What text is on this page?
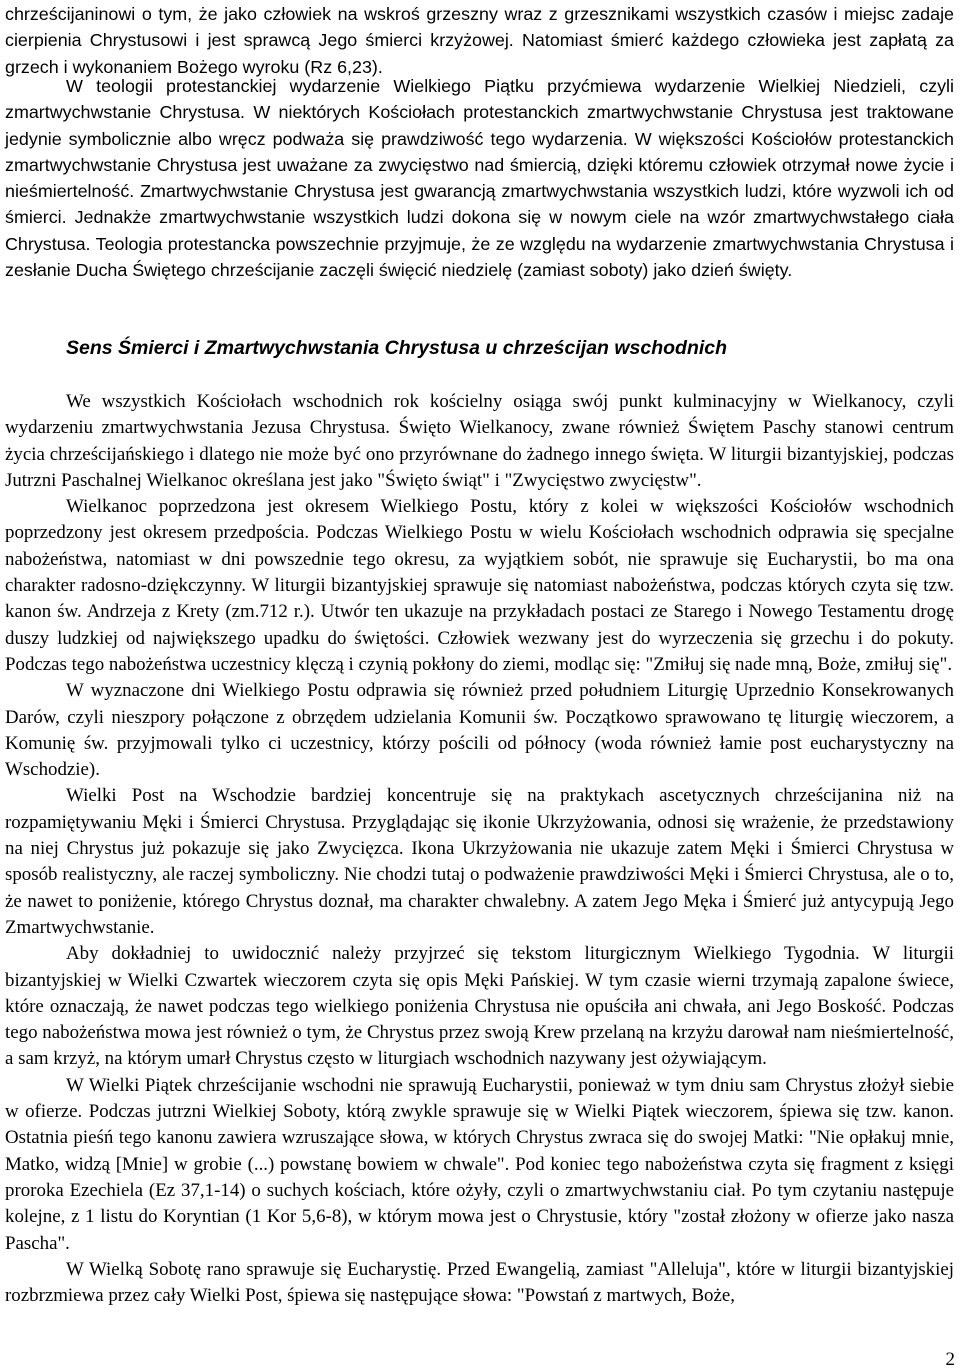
chrześcijaninowi o tym, że jako człowiek na wskroś grzeszny wraz z grzesznikami wszystkich czasów i miejsc zadaje cierpienia Chrystusowi i jest sprawcą Jego śmierci krzyżowej. Natomiast śmierć każdego człowieka jest zapłatą za grzech i wykonaniem Bożego wyroku (Rz 6,23).

W teologii protestanckiej wydarzenie Wielkiego Piątku przyćmiewa wydarzenie Wielkiej Niedzieli, czyli zmartwychwstanie Chrystusa. W niektórych Kościołach protestanckich zmartwychwstanie Chrystusa jest traktowane jedynie symbolicznie albo wręcz podważa się prawdziwość tego wydarzenia. W większości Kościołów protestanckich zmartwychwstanie Chrystusa jest uważane za zwycięstwo nad śmiercią, dzięki któremu człowiek otrzymał nowe życie i nieśmiertelność. Zmartwychwstanie Chrystusa jest gwarancją zmartwychwstania wszystkich ludzi, które wyzwoli ich od śmierci. Jednakże zmartwychwstanie wszystkich ludzi dokona się w nowym ciele na wzór zmartwychwstałego ciała Chrystusa. Teologia protestancka powszechnie przyjmuje, że ze względu na wydarzenie zmartwychwstania Chrystusa i zesłanie Ducha Świętego chrześcijanie zaczęli święcić niedzielę (zamiast soboty) jako dzień święty.

Sens Śmierci i Zmartwychwstania Chrystusa u chrześcijan wschodnich

We wszystkich Kościołach wschodnich rok kościelny osiąga swój punkt kulminacyjny w Wielkanocy, czyli wydarzeniu zmartwychwstania Jezusa Chrystusa. Święto Wielkanocy, zwane również Świętem Paschy stanowi centrum życia chrześcijańskiego i dlatego nie może być ono przyrównane do żadnego innego święta. W liturgii bizantyjskiej, podczas Jutrzni Paschalnej Wielkanoc określana jest jako "Święto świąt" i "Zwycięstwo zwycięstw".

Wielkanoc poprzedzona jest okresem Wielkiego Postu, który z kolei w większości Kościołów wschodnich poprzedzony jest okresem przedpościa. Podczas Wielkiego Postu w wielu Kościołach wschodnich odprawia się specjalne nabożeństwa, natomiast w dni powszednie tego okresu, za wyjątkiem sobót, nie sprawuje się Eucharystii, bo ma ona charakter radosno-dziękczynny. W liturgii bizantyjskiej sprawuje się natomiast nabożeństwa, podczas których czyta się tzw. kanon św. Andrzeja z Krety (zm.712 r.). Utwór ten ukazuje na przykładach postaci ze Starego i Nowego Testamentu drogę duszy ludzkiej od największego upadku do świętości. Człowiek wezwany jest do wyrzeczenia się grzechu i do pokuty. Podczas tego nabożeństwa uczestnicy klęczą i czynią pokłony do ziemi, modląc się: "Zmiłuj się nade mną, Boże, zmiłuj się".

W wyznaczone dni Wielkiego Postu odprawia się również przed południem Liturgię Uprzednio Konsekrowanych Darów, czyli nieszpory połączone z obrzędem udzielania Komunii św. Początkowo sprawowano tę liturgię wieczorem, a Komunię św. przyjmowali tylko ci uczestnicy, którzy pościli od północy (woda również łamie post eucharystyczny na Wschodzie).

Wielki Post na Wschodzie bardziej koncentruje się na praktykach ascetycznych chrześcijanina niż na rozpamiętywaniu Męki i Śmierci Chrystusa. Przyglądając się ikonie Ukrzyżowania, odnosi się wrażenie, że przedstawiony na niej Chrystus już pokazuje się jako Zwycięzca. Ikona Ukrzyżowania nie ukazuje zatem Męki i Śmierci Chrystusa w sposób realistyczny, ale raczej symboliczny. Nie chodzi tutaj o podważenie prawdziwości Męki i Śmierci Chrystusa, ale o to, że nawet to poniżenie, którego Chrystus doznał, ma charakter chwalebny. A zatem Jego Męka i Śmierć już antycypują Jego Zmartwychwstanie.

Aby dokładniej to uwidocznić należy przyjrzeć się tekstom liturgicznym Wielkiego Tygodnia. W liturgii bizantyjskiej w Wielki Czwartek wieczorem czyta się opis Męki Pańskiej. W tym czasie wierni trzymają zapalone świece, które oznaczają, że nawet podczas tego wielkiego poniżenia Chrystusa nie opuściła ani chwała, ani Jego Boskość. Podczas tego nabożeństwa mowa jest również o tym, że Chrystus przez swoją Krew przelaną na krzyżu darował nam nieśmiertelność, a sam krzyż, na którym umarł Chrystus często w liturgiach wschodnich nazywany jest ożywiającym.

W Wielki Piątek chrześcijanie wschodni nie sprawują Eucharystii, ponieważ w tym dniu sam Chrystus złożył siebie w ofierze. Podczas jutrzni Wielkiej Soboty, którą zwykle sprawuje się w Wielki Piątek wieczorem, śpiewa się tzw. kanon. Ostatnia pieśń tego kanonu zawiera wzruszające słowa, w których Chrystus zwraca się do swojej Matki: "Nie opłakuj mnie, Matko, widzą [Mnie] w grobie (...) powstanę bowiem w chwale". Pod koniec tego nabożeństwa czyta się fragment z księgi proroka Ezechiela (Ez 37,1-14) o suchych kościach, które ożyły, czyli o zmartwychwstaniu ciał. Po tym czytaniu następuje kolejne, z 1 listu do Koryntian (1 Kor 5,6-8), w którym mowa jest o Chrystusie, który "został złożony w ofierze jako nasza Pascha".

W Wielką Sobotę rano sprawuje się Eucharystię. Przed Ewangelią, zamiast "Alleluja", które w liturgii bizantyjskiej rozbrzmiewa przez cały Wielki Post, śpiewa się następujące słowa: "Powstań z martwych, Boże,

2
